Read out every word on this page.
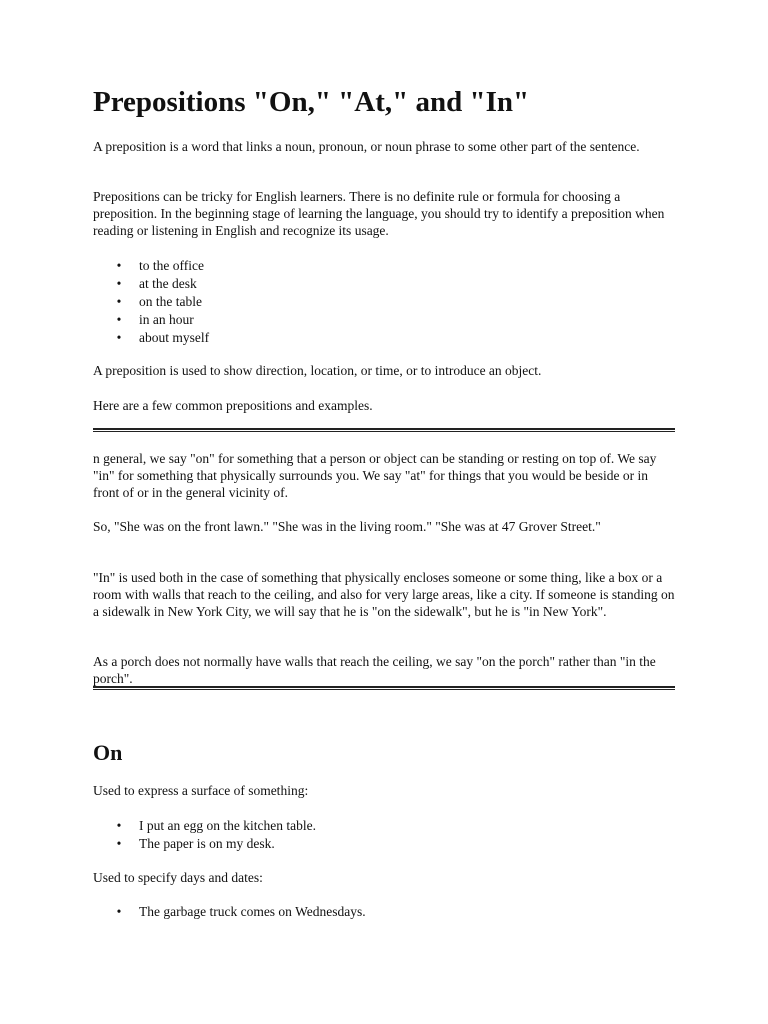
Prepositions "On," "At," and "In"

A preposition is a word that links a noun, pronoun, or noun phrase to some other part of the sentence.

Prepositions can be tricky for English learners. There is no definite rule or formula for choosing a preposition. In the beginning stage of learning the language, you should try to identify a preposition when reading or listening in English and recognize its usage.

• to the office
• at the desk
• on the table
• in an hour
• about myself

A preposition is used to show direction, location, or time, or to introduce an object.

Here are a few common prepositions and examples.

n general, we say "on" for something that a person or object can be standing or resting on top of. We say "in" for something that physically surrounds you. We say "at" for things that you would be beside or in front of or in the general vicinity of.

So, "She was on the front lawn." "She was in the living room." "She was at 47 Grover Street."

"In" is used both in the case of something that physically encloses someone or some thing, like a box or a room with walls that reach to the ceiling, and also for very large areas, like a city. If someone is standing on a sidewalk in New York City, we will say that he is "on the sidewalk", but he is "in New York".

As a porch does not normally have walls that reach the ceiling, we say "on the porch" rather than "in the porch".

On

Used to express a surface of something:

• I put an egg on the kitchen table.
• The paper is on my desk.

Used to specify days and dates:

• The garbage truck comes on Wednesdays.
